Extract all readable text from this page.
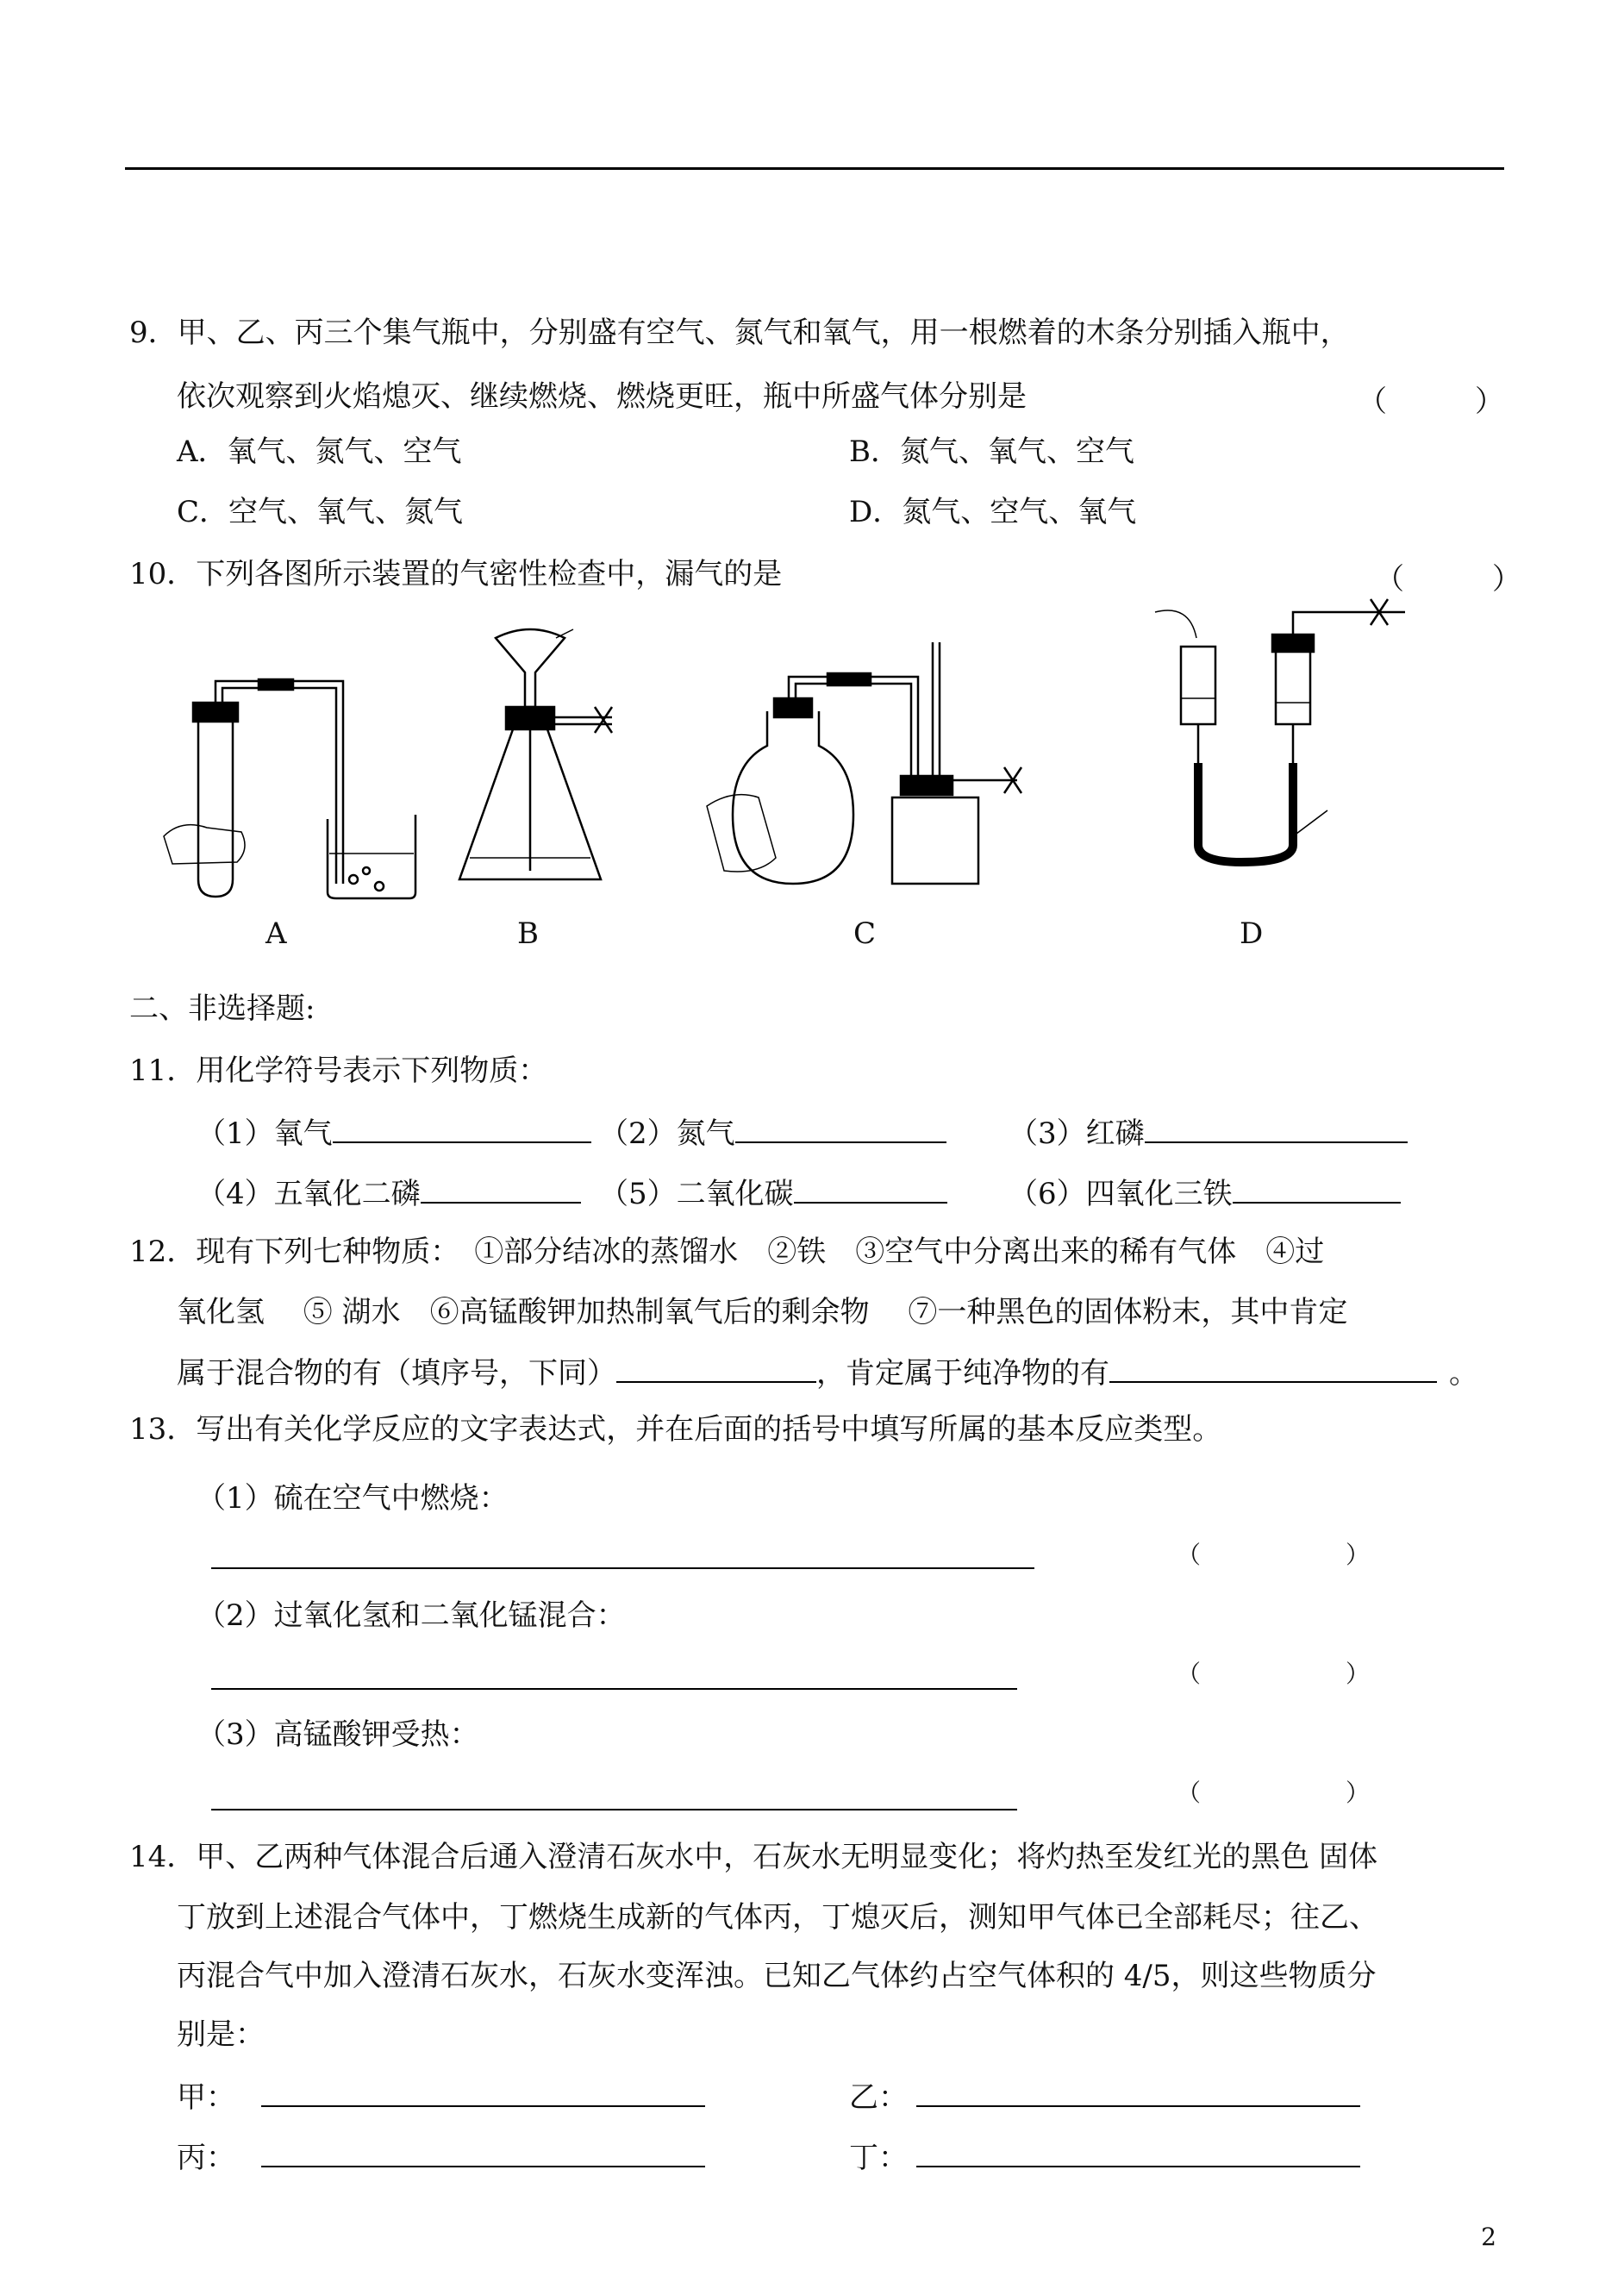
9．甲、乙、丙三个集气瓶中，分别盛有空气、氮气和氧气，用一根燃着的木条分别插入瓶中，
依次观察到火焰熄灭、继续燃烧、燃烧更旺，瓶中所盛气体分别是	（　　　）
A．氧气、氮气、空气	B．氮气、氧气、空气
C．空气、氧气、氮气	D．氮气、空气、氧气
10．下列各图所示装置的气密性检查中，漏气的是	（　　　）
A	B	C	D
二、非选择题:
11．用化学符号表示下列物质：
（1）氧气	（2）氮气	（3）红磷
（4）五氧化二磷	（5）二氧化碳	（6）四氧化三铁
12．现有下列七种物质：　①部分结冰的蒸馏水　②铁　③空气中分离出来的稀有气体　④过
氧化氢　 ⑤ 湖水　⑥高锰酸钾加热制氧气后的剩余物　 ⑦一种黑色的固体粉末，其中肯定
属于混合物的有（填序号，下同）	，肯定属于纯净物的有	。
13．写出有关化学反应的文字表达式，并在后面的括号中填写所属的基本反应类型。
（1）硫在空气中燃烧：
（　　　　　　）
（2）过氧化氢和二氧化锰混合：
（　　　　　　）
（3）高锰酸钾受热：
（　　　　　　）
14．甲、乙两种气体混合后通入澄清石灰水中，石灰水无明显变化；将灼热至发红光的黑色 固体
丁放到上述混合气体中，丁燃烧生成新的气体丙，丁熄灭后，测知甲气体已全部耗尽；往乙、
丙混合气中加入澄清石灰水，石灰水变浑浊。已知乙气体约占空气体积的 4/5，则这些物质分
别是：
甲：	乙：
丙：	丁：
2
